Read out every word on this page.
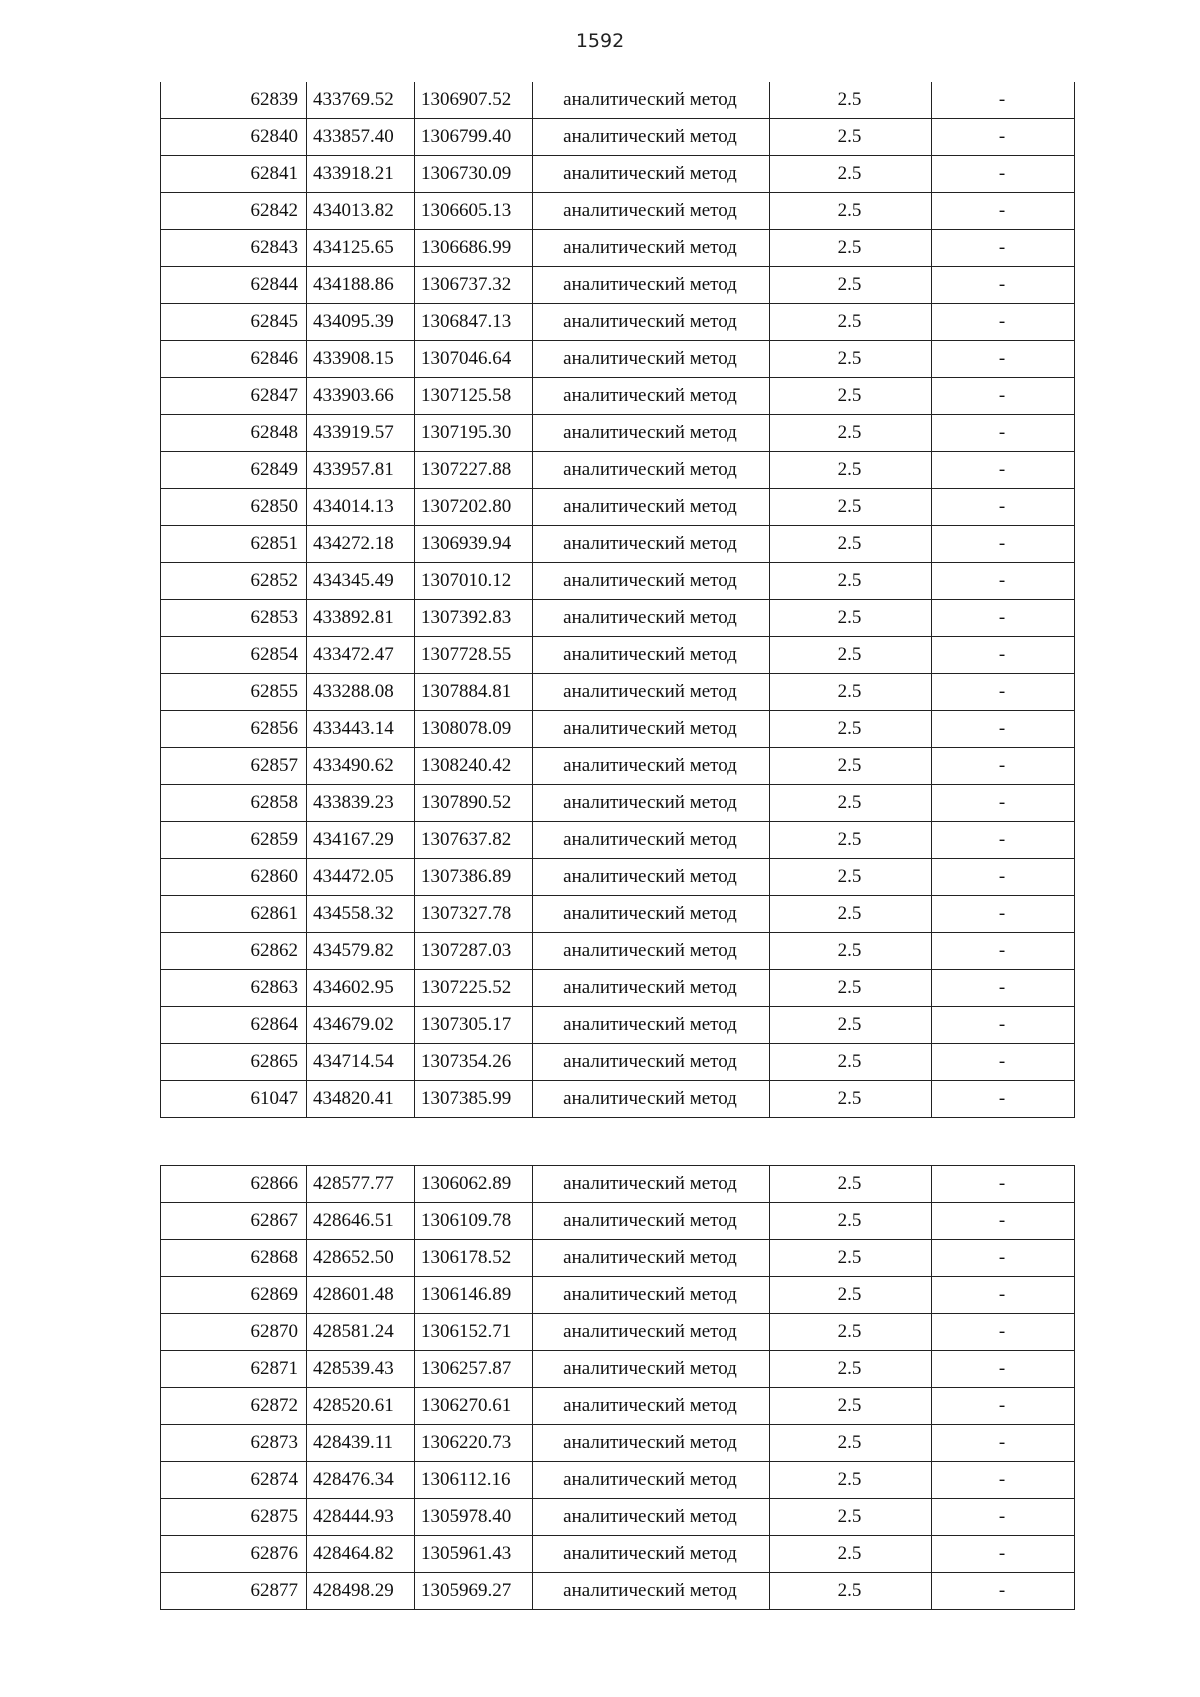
1592
62839	433769.52	1306907.52	аналитический метод	2.5	-
62840	433857.40	1306799.40	аналитический метод	2.5	-
62841	433918.21	1306730.09	аналитический метод	2.5	-
62842	434013.82	1306605.13	аналитический метод	2.5	-
62843	434125.65	1306686.99	аналитический метод	2.5	-
62844	434188.86	1306737.32	аналитический метод	2.5	-
62845	434095.39	1306847.13	аналитический метод	2.5	-
62846	433908.15	1307046.64	аналитический метод	2.5	-
62847	433903.66	1307125.58	аналитический метод	2.5	-
62848	433919.57	1307195.30	аналитический метод	2.5	-
62849	433957.81	1307227.88	аналитический метод	2.5	-
62850	434014.13	1307202.80	аналитический метод	2.5	-
62851	434272.18	1306939.94	аналитический метод	2.5	-
62852	434345.49	1307010.12	аналитический метод	2.5	-
62853	433892.81	1307392.83	аналитический метод	2.5	-
62854	433472.47	1307728.55	аналитический метод	2.5	-
62855	433288.08	1307884.81	аналитический метод	2.5	-
62856	433443.14	1308078.09	аналитический метод	2.5	-
62857	433490.62	1308240.42	аналитический метод	2.5	-
62858	433839.23	1307890.52	аналитический метод	2.5	-
62859	434167.29	1307637.82	аналитический метод	2.5	-
62860	434472.05	1307386.89	аналитический метод	2.5	-
62861	434558.32	1307327.78	аналитический метод	2.5	-
62862	434579.82	1307287.03	аналитический метод	2.5	-
62863	434602.95	1307225.52	аналитический метод	2.5	-
62864	434679.02	1307305.17	аналитический метод	2.5	-
62865	434714.54	1307354.26	аналитический метод	2.5	-
61047	434820.41	1307385.99	аналитический метод	2.5	-
62866	428577.77	1306062.89	аналитический метод	2.5	-
62867	428646.51	1306109.78	аналитический метод	2.5	-
62868	428652.50	1306178.52	аналитический метод	2.5	-
62869	428601.48	1306146.89	аналитический метод	2.5	-
62870	428581.24	1306152.71	аналитический метод	2.5	-
62871	428539.43	1306257.87	аналитический метод	2.5	-
62872	428520.61	1306270.61	аналитический метод	2.5	-
62873	428439.11	1306220.73	аналитический метод	2.5	-
62874	428476.34	1306112.16	аналитический метод	2.5	-
62875	428444.93	1305978.40	аналитический метод	2.5	-
62876	428464.82	1305961.43	аналитический метод	2.5	-
62877	428498.29	1305969.27	аналитический метод	2.5	-
